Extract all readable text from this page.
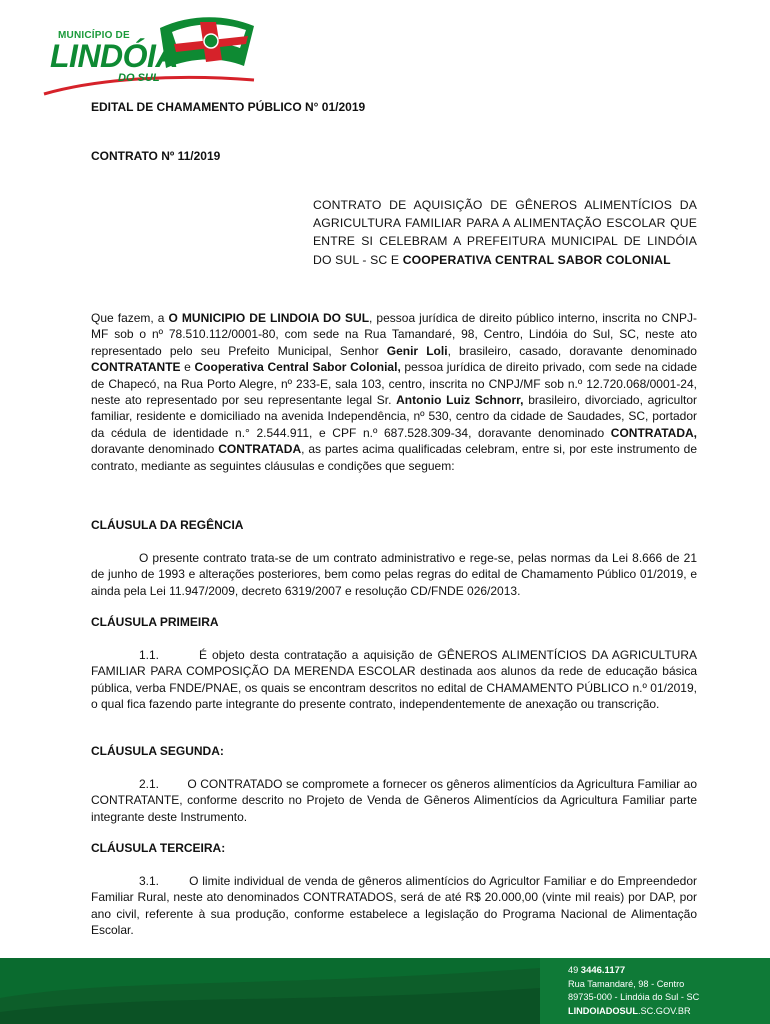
MUNICÍPIO DE
LINDÓIA
DO SUL

EDITAL DE CHAMAMENTO PÚBLICO N° 01/2019

CONTRATO Nº 11/2019

CONTRATO DE AQUISIÇÃO DE GÊNEROS ALIMENTÍCIOS DA AGRICULTURA FAMILIAR PARA A ALIMENTAÇÃO ESCOLAR QUE ENTRE SI CELEBRAM A PREFEITURA MUNICIPAL DE LINDÓIA DO SUL - SC E COOPERATIVA CENTRAL SABOR COLONIAL

Que fazem, a O MUNICIPIO DE LINDOIA DO SUL, pessoa jurídica de direito público interno, inscrita no CNPJ-MF sob o nº 78.510.112/0001-80, com sede na Rua Tamandaré, 98, Centro, Lindóia do Sul, SC, neste ato representado pelo seu Prefeito Municipal, Senhor Genir Loli, brasileiro, casado, doravante denominado CONTRATANTE e Cooperativa Central Sabor Colonial, pessoa jurídica de direito privado, com sede na cidade de Chapecó, na Rua Porto Alegre, nº 233-E, sala 103, centro, inscrita no CNPJ/MF sob n.º 12.720.068/0001-24, neste ato representado por seu representante legal Sr. Antonio Luiz Schnorr, brasileiro, divorciado, agricultor familiar, residente e domiciliado na avenida Independência, nº 530, centro da cidade de Saudades, SC, portador da cédula de identidade n.° 2.544.911, e CPF n.º 687.528.309-34, doravante denominado CONTRATADA, doravante denominado CONTRATADA, as partes acima qualificadas celebram, entre si, por este instrumento de contrato, mediante as seguintes cláusulas e condições que seguem:

CLÁUSULA DA REGÊNCIA

O presente contrato trata-se de um contrato administrativo e rege-se, pelas normas da Lei 8.666 de 21 de junho de 1993 e alterações posteriores, bem como pelas regras do edital de Chamamento Público 01/2019, e ainda pela Lei 11.947/2009, decreto 6319/2007 e resolução CD/FNDE 026/2013.

CLÁUSULA PRIMEIRA

1.1.	É objeto desta contratação a aquisição de GÊNEROS ALIMENTÍCIOS DA AGRICULTURA FAMILIAR PARA COMPOSIÇÃO DA MERENDA ESCOLAR destinada aos alunos da rede de educação básica pública, verba FNDE/PNAE, os quais se encontram descritos no edital de CHAMAMENTO PÚBLICO n.º 01/2019, o qual fica fazendo parte integrante do presente contrato, independentemente de anexação ou transcrição.

CLÁUSULA SEGUNDA:

2.1. O CONTRATADO se compromete a fornecer os gêneros alimentícios da Agricultura Familiar ao CONTRATANTE, conforme descrito no Projeto de Venda de Gêneros Alimentícios da Agricultura Familiar parte integrante deste Instrumento.

CLÁUSULA TERCEIRA:

3.1.	O limite individual de venda de gêneros alimentícios do Agricultor Familiar e do Empreendedor Familiar Rural, neste ato denominados CONTRATADOS, será de até R$ 20.000,00 (vinte mil reais) por DAP, por ano civil, referente à sua produção, conforme estabelece a legislação do Programa Nacional de Alimentação Escolar.

49 3446.1177
Rua Tamandaré, 98 - Centro
89735-000 - Lindóia do Sul - SC
LINDOIADOSUL.SC.GOV.BR
